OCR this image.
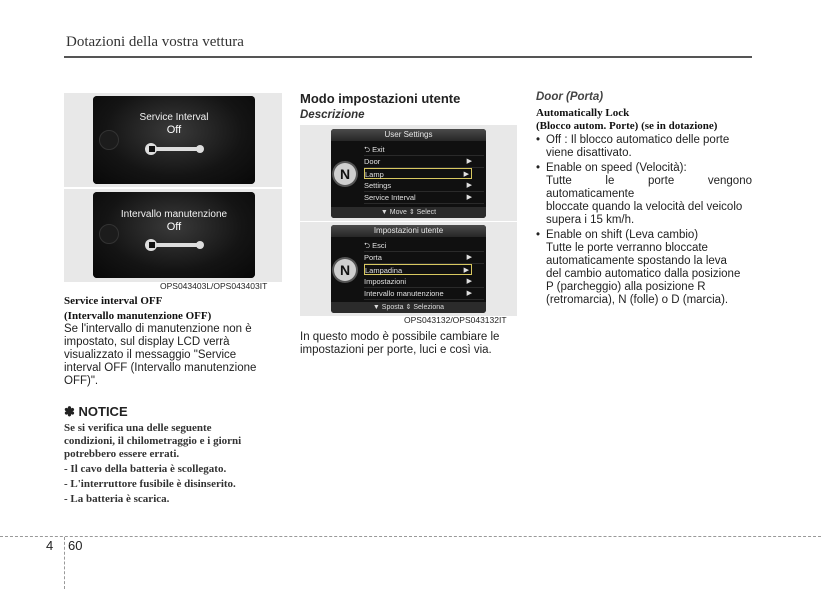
Dotazioni della vostra vettura
Service Interval
Off
Intervallo manutenzione
Off
OPS043403L/OPS043403IT
Service interval OFF
(Intervallo manutenzione OFF)
Se l'intervallo di manutenzione non è
impostato, sul display LCD verrà
visualizzato il messaggio "Service
interval OFF (Intervallo manutenzione
OFF)".
✽ NOTICE
Se si verifica una delle seguente
condizioni, il chilometraggio e i giorni
potrebbero essere errati.
- Il cavo della batteria è scollegato.
- L'interruttore fusibile è disinserito.
- La batteria è scarica.
Modo impostazioni utente
Descrizione
User Settings
N
⮌ Exit
Door	▶
Lamp	▶
Settings	▶
Service Interval	▶
▼ Move ⇕ Select
Impostazioni utente
N
⮌ Esci
Porta	▶
Lampadina	▶
Impostazioni	▶
Intervallo manutenzione	▶
▼ Sposta ⇕ Seleziona
OPS043132/OPS043132IT
In questo modo è possibile cambiare le
impostazioni per porte, luci e così via.
Door (Porta)
Automatically Lock
(Blocco autom. Porte) (se in dotazione)
• Off : Il blocco automatico delle porte
viene disattivato.
• Enable on speed (Velocità):
Tutte le porte vengono automaticamente
bloccate quando la velocità del veicolo
supera i 15 km/h.
• Enable on shift (Leva cambio)
Tutte le porte verranno bloccate
automaticamente spostando la leva
del cambio automatico dalla posizione
P (parcheggio) alla posizione R
(retromarcia), N (folle) o D (marcia).
4 60
